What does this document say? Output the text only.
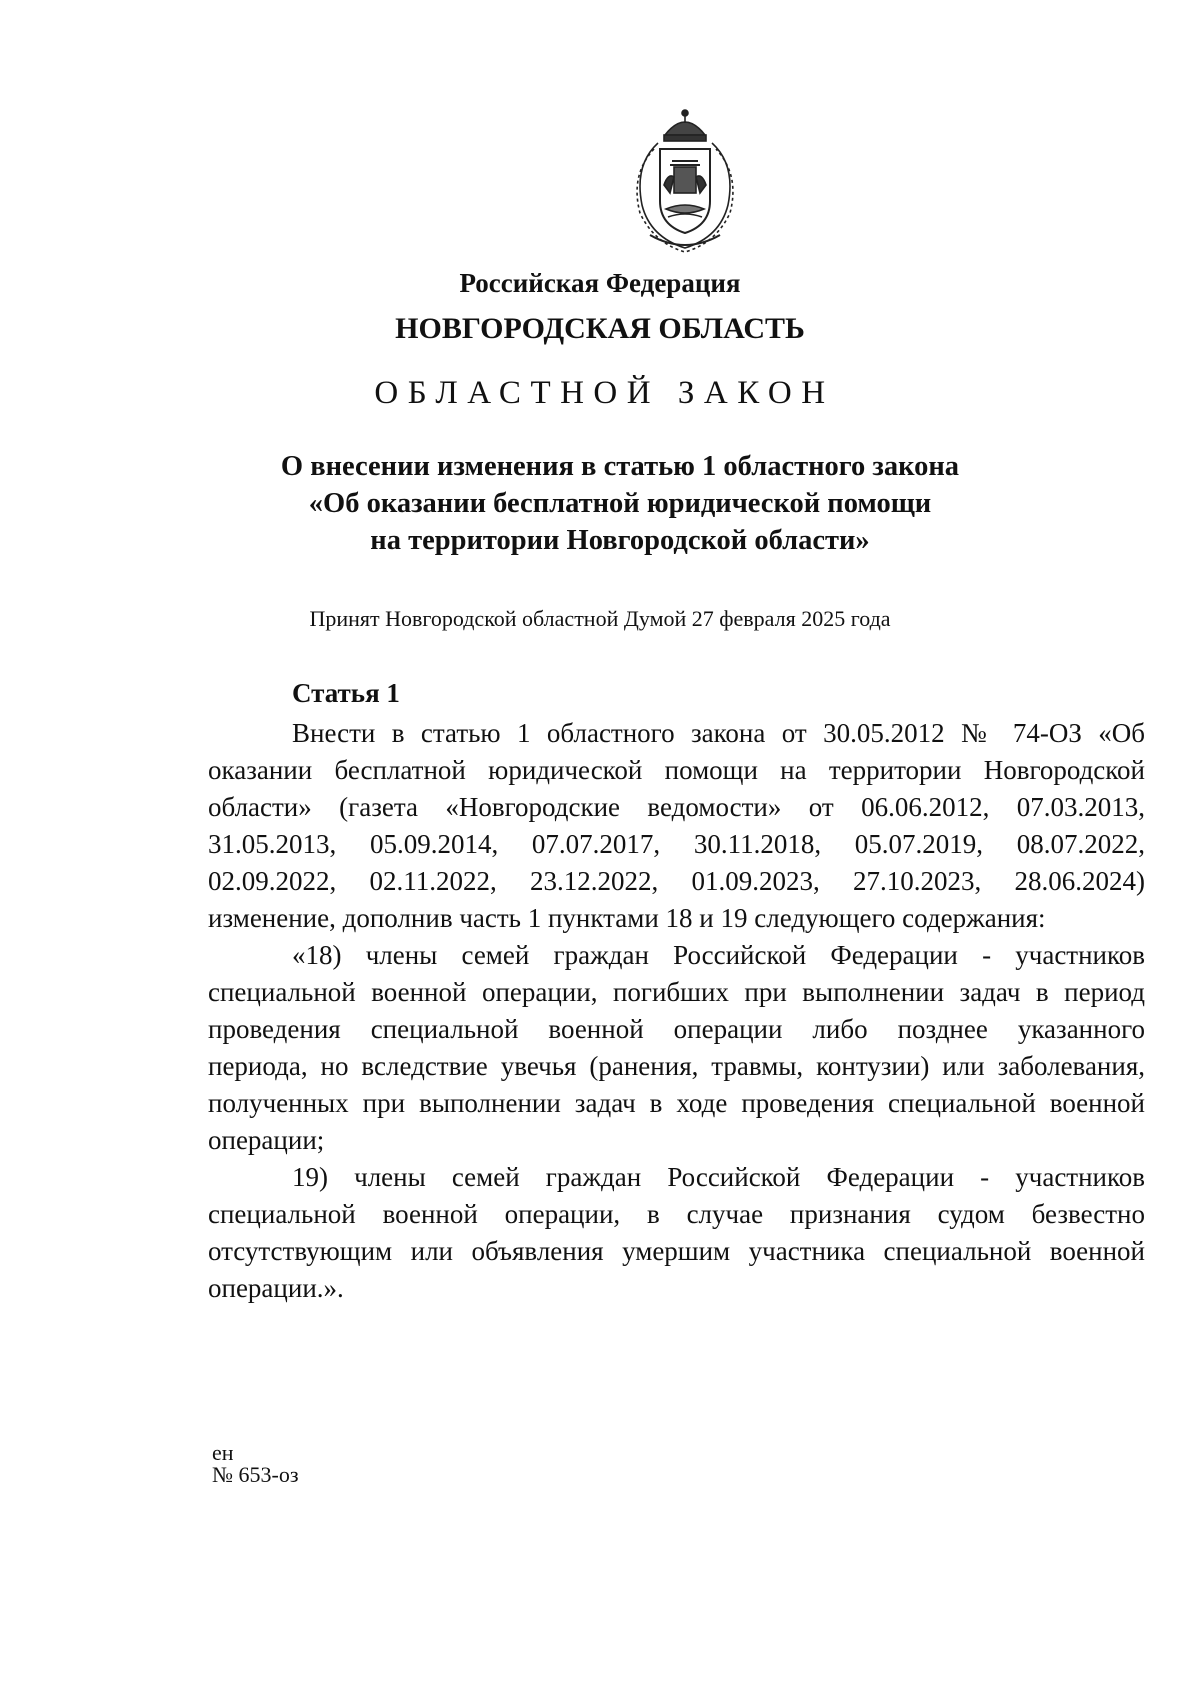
Российская Федерация
НОВГОРОДСКАЯ ОБЛАСТЬ
ОБЛАСТНОЙ ЗАКОН
О внесении изменения в статью 1 областного закона
«Об оказании бесплатной юридической помощи
на территории Новгородской области»
Принят Новгородской областной Думой 27 февраля 2025 года
Статья 1
Внести в статью 1 областного закона от 30.05.2012 № 74-ОЗ «Об
оказании бесплатной юридической помощи на территории Новгородской
области» (газета «Новгородские ведомости» от 06.06.2012, 07.03.2013,
31.05.2013, 05.09.2014, 07.07.2017, 30.11.2018, 05.07.2019, 08.07.2022,
02.09.2022, 02.11.2022, 23.12.2022, 01.09.2023, 27.10.2023, 28.06.2024)
изменение, дополнив часть 1 пунктами 18 и 19 следующего содержания:
«18) члены семей граждан Российской Федерации - участников
специальной военной операции, погибших при выполнении задач в период
проведения специальной военной операции либо позднее указанного
периода, но вследствие увечья (ранения, травмы, контузии) или заболевания,
полученных при выполнении задач в ходе проведения специальной военной
операции;
19) члены семей граждан Российской Федерации - участников
специальной военной операции, в случае признания судом безвестно
отсутствующим или объявления умершим участника специальной военной
операции.».
ен
№ 653-оз
